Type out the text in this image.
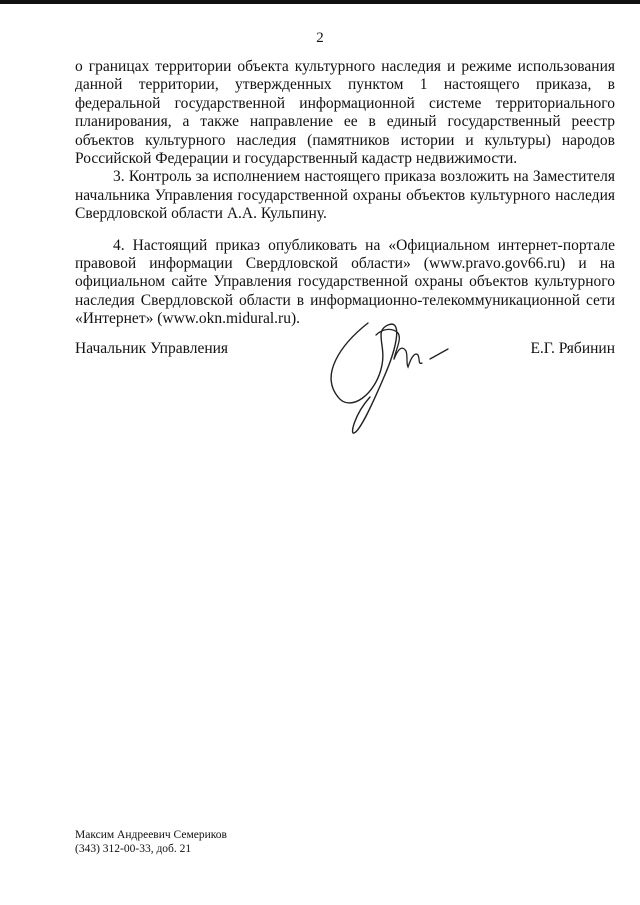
2

о границах территории объекта культурного наследия и режиме использования данной территории, утвержденных пунктом 1 настоящего приказа, в федеральной государственной информационной системе территориального планирования, а также направление ее в единый государственный реестр объектов культурного наследия (памятников истории и культуры) народов Российской Федерации и государственный кадастр недвижимости.

3. Контроль за исполнением настоящего приказа возложить на Заместителя начальника Управления государственной охраны объектов культурного наследия Свердловской области А.А. Кульпину.

4. Настоящий приказ опубликовать на «Официальном интернет-портале правовой информации Свердловской области» (www.pravo.gov66.ru) и на официальном сайте Управления государственной охраны объектов культурного наследия Свердловской области в информационно-телекоммуникационной сети «Интернет» (www.okn.midural.ru).

Начальник Управления	Е.Г. Рябинин
Максим Андреевич Семериков
(343) 312-00-33, доб. 21
